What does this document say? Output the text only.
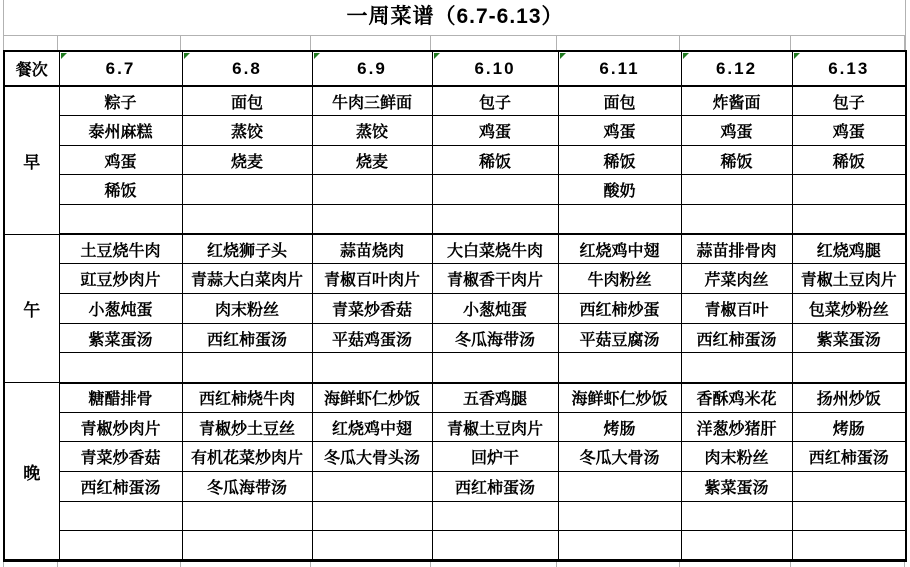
一周菜谱（6.7-6.13）
餐次	6.7	6.8	6.9	6.10	6.11	6.12	6.13
早	粽子	面包	牛肉三鲜面	包子	面包	炸酱面	包子
	泰州麻糕	蒸饺	蒸饺	鸡蛋	鸡蛋	鸡蛋	鸡蛋
	鸡蛋	烧麦	烧麦	稀饭	稀饭	稀饭	稀饭
	稀饭				酸奶		

午	土豆烧牛肉	红烧狮子头	蒜苗烧肉	大白菜烧牛肉	红烧鸡中翅	蒜苗排骨肉	红烧鸡腿
	豇豆炒肉片	青蒜大白菜肉片	青椒百叶肉片	青椒香干肉片	牛肉粉丝	芹菜肉丝	青椒土豆肉片
	小葱炖蛋	肉末粉丝	青菜炒香菇	小葱炖蛋	西红柿炒蛋	青椒百叶	包菜炒粉丝
	紫菜蛋汤	西红柿蛋汤	平菇鸡蛋汤	冬瓜海带汤	平菇豆腐汤	西红柿蛋汤	紫菜蛋汤

晚	糖醋排骨	西红柿烧牛肉	海鲜虾仁炒饭	五香鸡腿	海鲜虾仁炒饭	香酥鸡米花	扬州炒饭
	青椒炒肉片	青椒炒土豆丝	红烧鸡中翅	青椒土豆肉片	烤肠	洋葱炒猪肝	烤肠
	青菜炒香菇	有机花菜炒肉片	冬瓜大骨头汤	回炉干	冬瓜大骨汤	肉末粉丝	西红柿蛋汤
	西红柿蛋汤	冬瓜海带汤		西红柿蛋汤		紫菜蛋汤	
